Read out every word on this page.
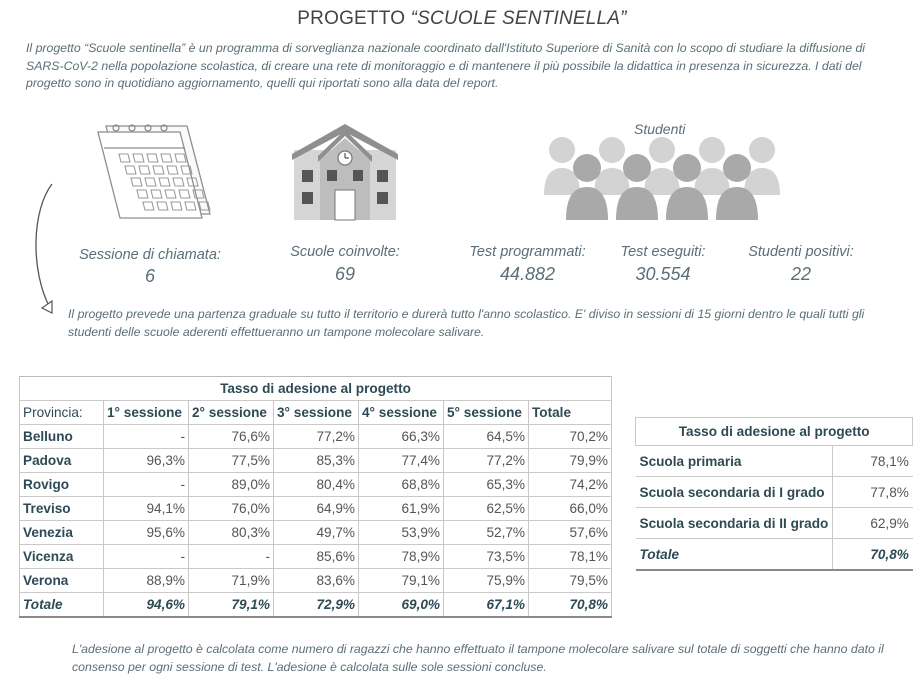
PROGETTO “SCUOLE SENTINELLA”
Il progetto “Scuole sentinella” è un programma di sorveglianza nazionale coordinato dall'Istituto Superiore di Sanità con lo scopo di studiare la diffusione di SARS-CoV-2 nella popolazione scolastica, di creare una rete di monitoraggio e di mantenere il più possibile la didattica in presenza in sicurezza. I dati del progetto sono in quotidiano aggiornamento, quelli qui riportati sono alla data del report.
Studenti
Sessione di chiamata:
6
Scuole coinvolte:
69
Test programmati:
44.882
Test eseguiti:
30.554
Studenti positivi:
22
Il progetto prevede una partenza graduale su tutto il territorio e durerà tutto l'anno scolastico. E' diviso in sessioni di 15 giorni dentro le quali tutti gli studenti delle scuole aderenti effettueranno un tampone molecolare salivare.
Tasso di adesione al progetto						
Provincia:	1° sessione	2° sessione	3° sessione	4° sessione	5° sessione	Totale
Belluno	-	76,6%	77,2%	66,3%	64,5%	70,2%
Padova	96,3%	77,5%	85,3%	77,4%	77,2%	79,9%
Rovigo	-	89,0%	80,4%	68,8%	65,3%	74,2%
Treviso	94,1%	76,0%	64,9%	61,9%	62,5%	66,0%
Venezia	95,6%	80,3%	49,7%	53,9%	52,7%	57,6%
Vicenza	-	-	85,6%	78,9%	73,5%	78,1%
Verona	88,9%	71,9%	83,6%	79,1%	75,9%	79,5%
Totale	94,6%	79,1%	72,9%	69,0%	67,1%	70,8%
Tasso di adesione al progetto	
Scuola primaria	78,1%
Scuola secondaria di I grado	77,8%
Scuola secondaria di II grado	62,9%
Totale	70,8%
L'adesione al progetto è calcolata come numero di ragazzi che hanno effettuato il tampone molecolare salivare sul totale di soggetti che hanno dato il consenso per ogni sessione di test. L'adesione è calcolata sulle sole sessioni concluse.
